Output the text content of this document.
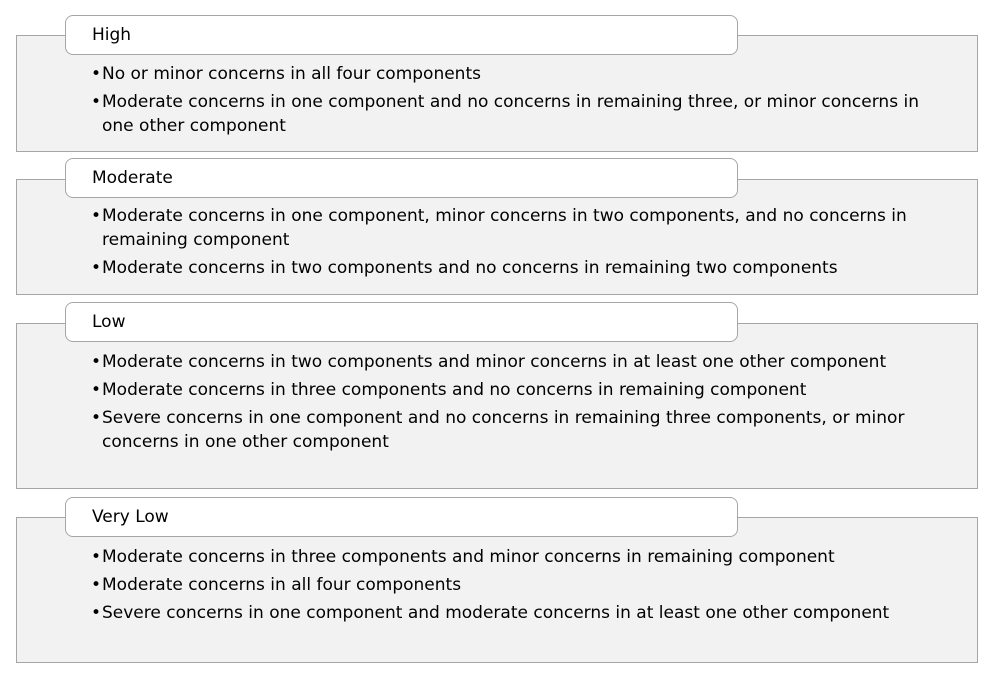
High
• No or minor concerns in all four components
• Moderate concerns in one component and no concerns in remaining three, or minor concerns in one other component
Moderate
• Moderate concerns in one component, minor concerns in two components, and no concerns in remaining component
• Moderate concerns in two components and no concerns in remaining two components
Low
• Moderate concerns in two components and minor concerns in at least one other component
• Moderate concerns in three components and no concerns in remaining component
• Severe concerns in one component and no concerns in remaining three components, or minor concerns in one other component
Very Low
• Moderate concerns in three components and minor concerns in remaining component
• Moderate concerns in all four components
• Severe concerns in one component and moderate concerns in at least one other component
